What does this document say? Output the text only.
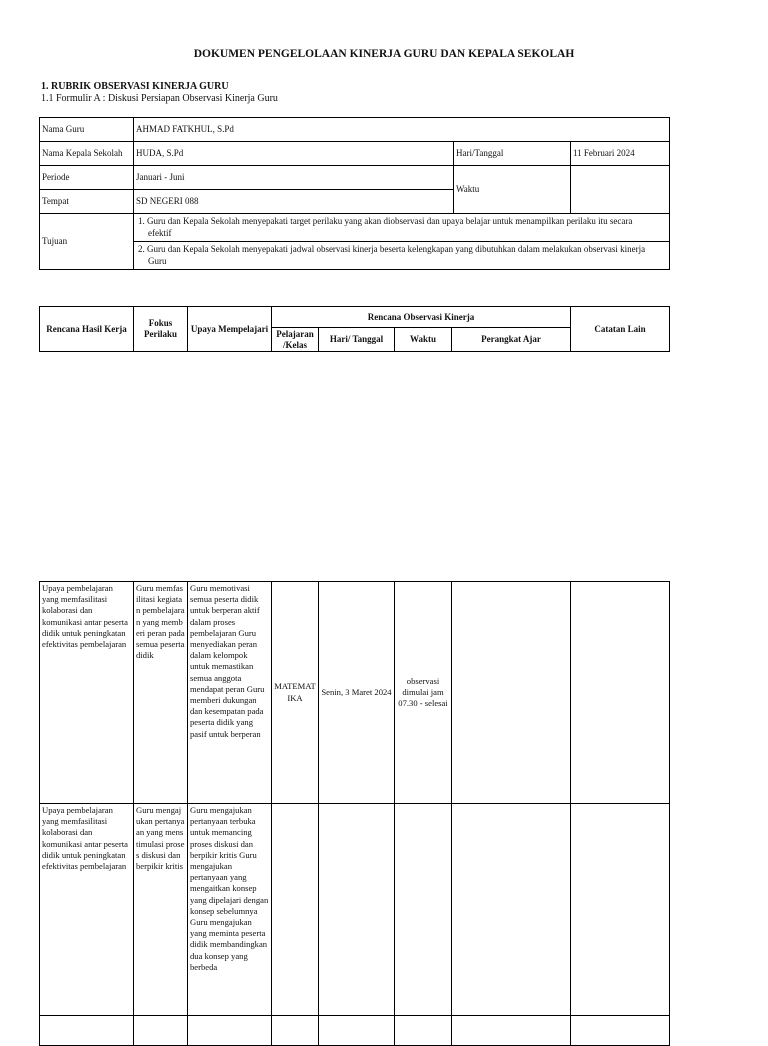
DOKUMEN PENGELOLAAN KINERJA GURU DAN KEPALA SEKOLAH
1. RUBRIK OBSERVASI KINERJA GURU
1.1 Formulir A : Diskusi Persiapan Observasi Kinerja Guru
Nama Guru	AHMAD FATKHUL, S.Pd		
Nama Kepala Sekolah	HUDA, S.Pd	Hari/Tanggal	11 Februari 2024
Periode	Januari - Juni	Waktu	
Tempat	SD NEGERI 088		
Tujuan	1. Guru dan Kepala Sekolah menyepakati target perilaku yang akan diobservasi dan upaya belajar untuk menampilkan perilaku itu secara efektif		
	2. Guru dan Kepala Sekolah menyepakati jadwal observasi kinerja beserta kelengkapan yang dibutuhkan dalam melakukan observasi kinerja Guru		
Rencana Hasil Kerja	Fokus Perilaku	Upaya Mempelajari	Rencana Observasi Kinerja				Catatan Lain

			Pelajaran /Kelas	Hari/ Tanggal	Waktu	Perangkat Ajar	
Upaya pembelajaran yang memfasilitasi kolaborasi dan komunikasi antar peserta didik untuk peningkatan efektivitas pembelajaran	Guru memfasilitasi kegiatan pembelajaran yang memberi peran pada semua peserta didik	Guru memotivasi semua peserta didik untuk berperan aktif dalam proses pembelajaran Guru menyediakan peran dalam kelompok untuk memastikan semua anggota mendapat peran Guru memberi dukungan dan kesempatan pada peserta didik yang pasif untuk berperan	MATEMATIKA	Senin, 3 Maret 2024	observasi dimulai jam 07.30 - selesai		
Upaya pembelajaran yang memfasilitasi kolaborasi dan komunikasi antar peserta didik untuk peningkatan efektivitas pembelajaran	Guru mengajukan pertanyaan yang menstimulasi proses diskusi dan berpikir kritis	Guru mengajukan pertanyaan terbuka untuk memancing proses diskusi dan berpikir kritis Guru mengajukan pertanyaan yang mengaitkan konsep yang dipelajari dengan konsep sebelumnya Guru mengajukan yang meminta peserta didik membandingkan dua konsep yang berbeda					
